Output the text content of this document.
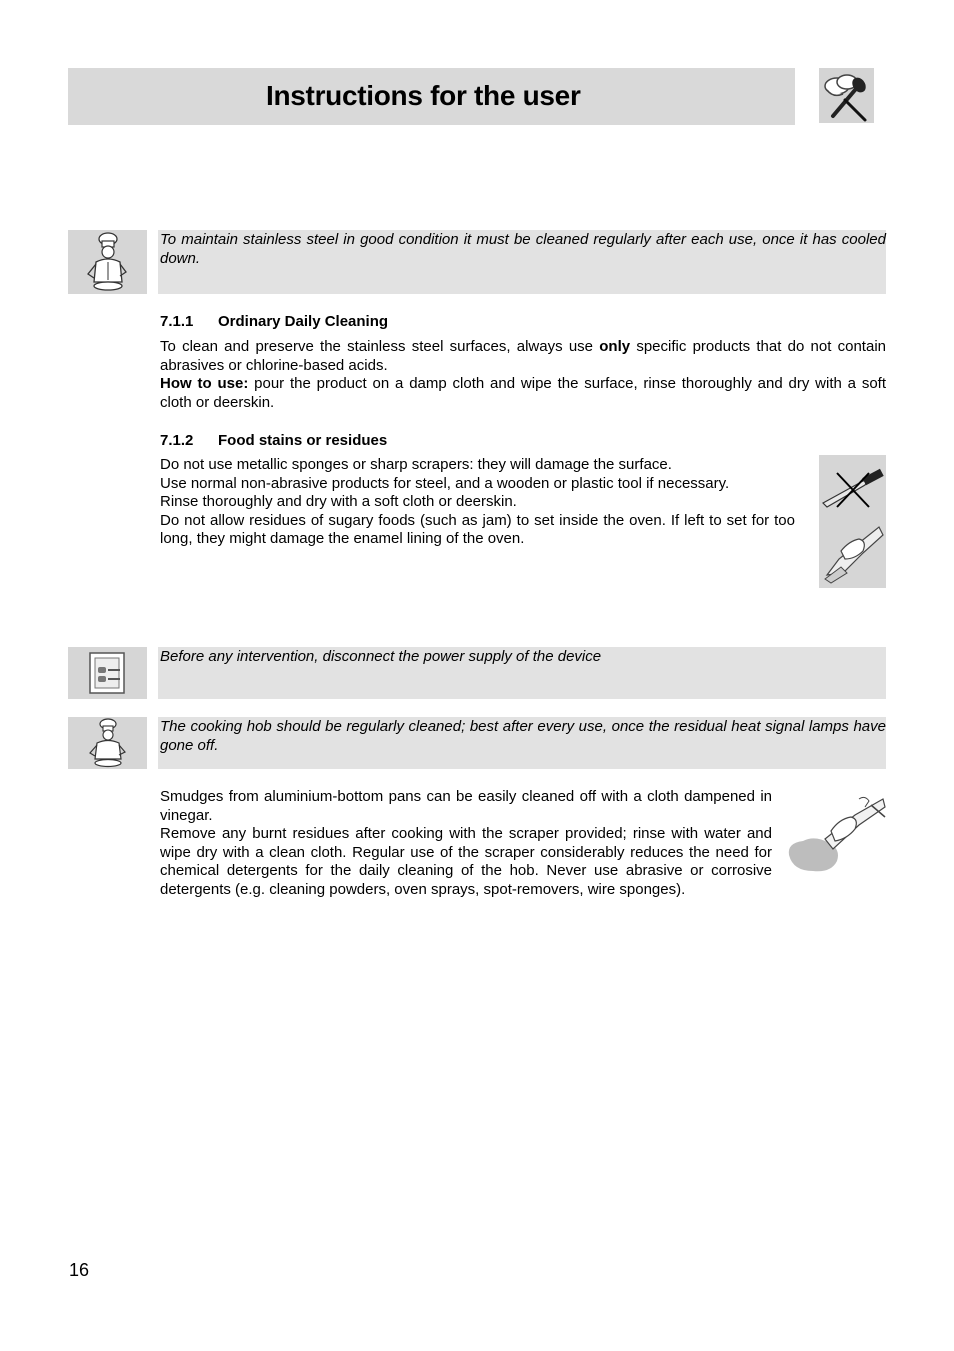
Instructions for the user
To maintain stainless steel in good condition it must be cleaned regularly after each use, once it has cooled down.
7.1.1 Ordinary Daily Cleaning

To clean and preserve the stainless steel surfaces, always use only specific products that do not contain abrasives or chlorine-based acids.

How to use: pour the product on a damp cloth and wipe the surface, rinse thoroughly and dry with a soft cloth or deerskin.

7.1.2 Food stains or residues

Do not use metallic sponges or sharp scrapers: they will damage the surface.

Use normal non-abrasive products for steel, and a wooden or plastic tool if necessary.

Rinse thoroughly and dry with a soft cloth or deerskin.

Do not allow residues of sugary foods (such as jam) to set inside the oven. If left to set for too long, they might damage the enamel lining of the oven.

Before any intervention, disconnect the power supply of the device
The cooking hob should be regularly cleaned; best after every use, once the residual heat signal lamps have gone off.

Smudges from aluminium-bottom pans can be easily cleaned off with a cloth dampened in vinegar.

Remove any burnt residues after cooking with the scraper provided; rinse with water and wipe dry with a clean cloth. Regular use of the scraper considerably reduces the need for chemical detergents for the daily cleaning of the hob. Never use abrasive or corrosive detergents (e.g. cleaning powders, oven sprays, spot-removers, wire sponges).

16
